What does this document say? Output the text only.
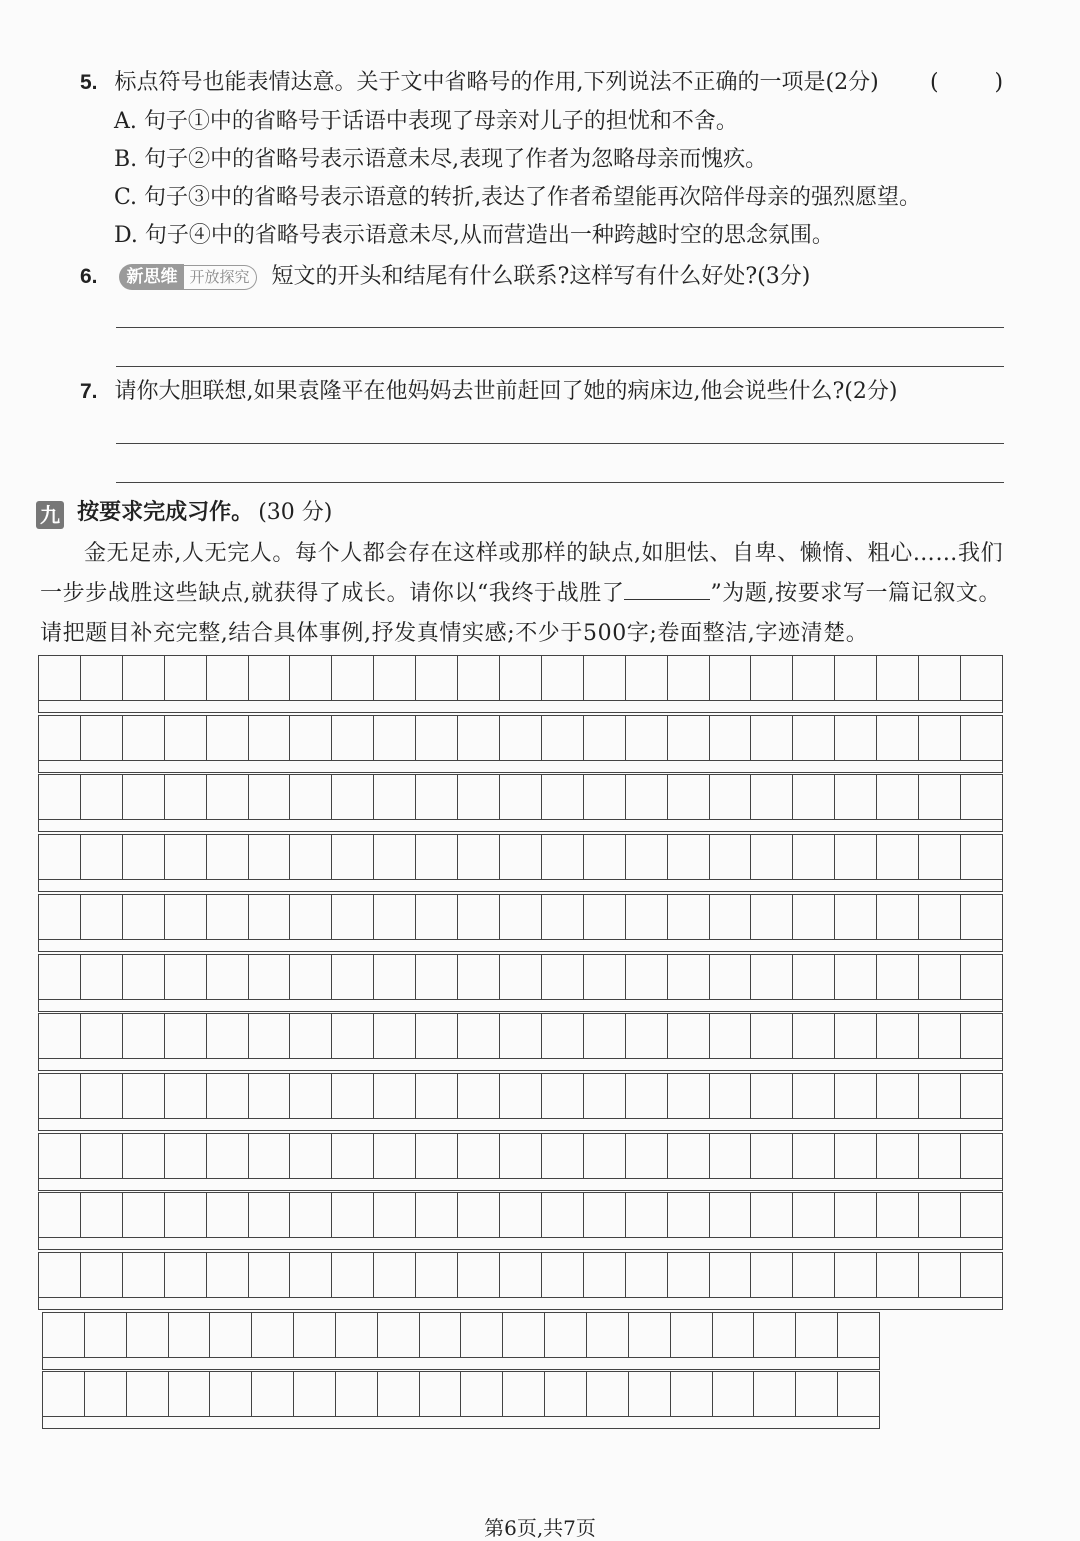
5. 标点符号也能表情达意。关于文中省略号的作用,下列说法不正确的一项是(2分) (        )
A. 句子①中的省略号于话语中表现了母亲对儿子的担忧和不舍。
B. 句子②中的省略号表示语意未尽,表现了作者为忽略母亲而愧疚。
C. 句子③中的省略号表示语意的转折,表达了作者希望能再次陪伴母亲的强烈愿望。
D. 句子④中的省略号表示语意未尽,从而营造出一种跨越时空的思念氛围。
6.	新思维 开放探究	短文的开头和结尾有什么联系?这样写有什么好处?(3分)
7. 请你大胆联想,如果袁隆平在他妈妈去世前赶回了她的病床边,他会说些什么?(2分)
九 按要求完成习作。 (30 分)
金无足赤,人无完人。每个人都会存在这样或那样的缺点,如胆怯、自卑、懒惰、粗心……我们一步步战胜这些缺点,就获得了成长。请你以“我终于战胜了	”为题,按要求写一篇记叙文。请把题目补充完整,结合具体事例,抒发真情实感;不少于500字;卷面整洁,字迹清楚。
第6页,共7页
